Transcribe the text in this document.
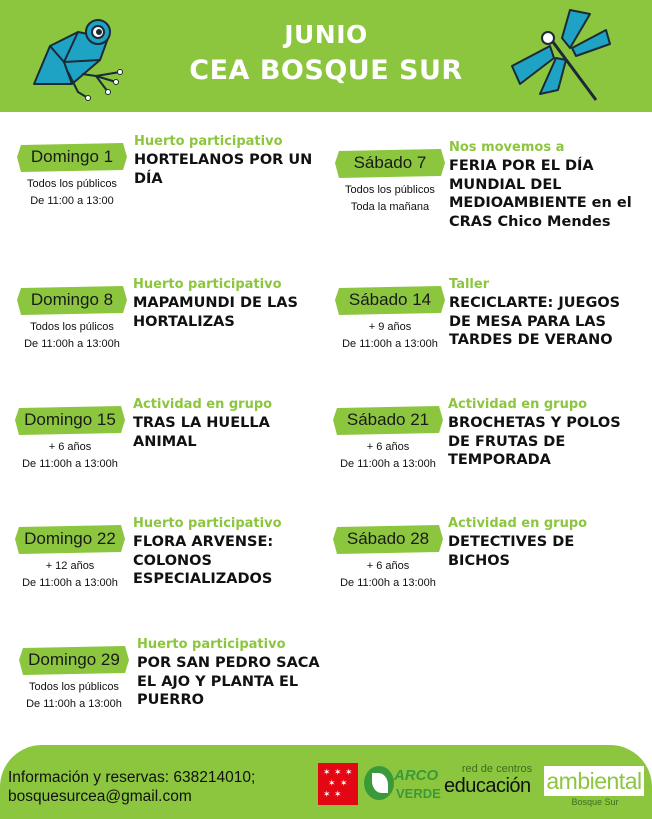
JUNIO
CEA BOSQUE SUR
Domingo 1
Todos los públicos
De 11:00 a 13:00
Huerto participativo
HORTELANOS POR UN
DÍA
Domingo 8
Todos los púlicos
De 11:00h a 13:00h
Huerto participativo
MAPAMUNDI DE LAS
HORTALIZAS
Domingo 15
+ 6 años
De 11:00h a 13:00h
Actividad en grupo
TRAS LA HUELLA
ANIMAL
Domingo 22
+ 12 años
De 11:00h a 13:00h
Huerto participativo
FLORA ARVENSE:
COLONOS
ESPECIALIZADOS
Domingo 29
Todos los públicos
De 11:00h a 13:00h
Huerto participativo
POR SAN PEDRO SACA
EL AJO Y PLANTA EL
PUERRO
Sábado 7
Todos los públicos
Toda la mañana
Nos movemos a
FERIA POR EL DÍA
MUNDIAL DEL
MEDIOAMBIENTE en el
CRAS Chico Mendes
Sábado 14
+ 9 años
De 11:00h a 13:00h
Taller
RECICLARTE: JUEGOS
DE MESA PARA LAS
TARDES DE VERANO
Sábado 21
+ 6 años
De 11:00h a 13:00h
Actividad en grupo
BROCHETAS Y POLOS
DE FRUTAS DE
TEMPORADA
Sábado 28
+ 6 años
De 11:00h a 13:00h
Actividad en grupo
DETECTIVES DE
BICHOS
Información y reservas: 638214010;
bosquesurcea@gmail.com
✶ ✶ ✶
✶ ✶
✶ ✶
ARCO
VERDE
red de centros
educación ambiental
Bosque Sur
